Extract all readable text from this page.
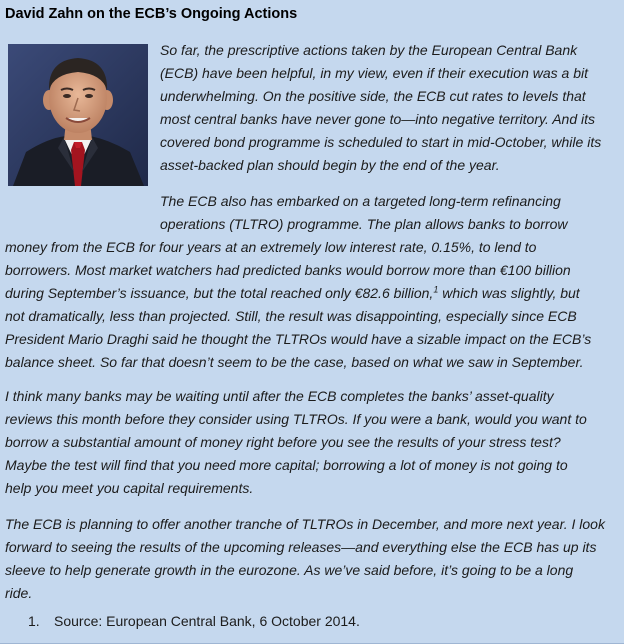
David Zahn on the ECB’s Ongoing Actions
So far, the prescriptive actions taken by the European Central Bank
(ECB) have been helpful, in my view, even if their execution was a bit
underwhelming. On the positive side, the ECB cut rates to levels that
most central banks have never gone to—into negative territory. And its
covered bond programme is scheduled to start in mid-October, while its
asset-backed plan should begin by the end of the year.
The ECB also has embarked on a targeted long-term refinancing
operations (TLTRO) programme. The plan allows banks to borrow
money from the ECB for four years at an extremely low interest rate, 0.15%, to lend to
borrowers. Most market watchers had predicted banks would borrow more than €100 billion
during September’s issuance, but the total reached only €82.6 billion,$^1$ which was slightly, but
not dramatically, less than projected. Still, the result was disappointing, especially since ECB
President Mario Draghi said he thought the TLTROs would have a sizable impact on the ECB’s
balance sheet. So far that doesn’t seem to be the case, based on what we saw in September.
I think many banks may be waiting until after the ECB completes the banks’ asset-quality
reviews this month before they consider using TLTROs. If you were a bank, would you want to
borrow a substantial amount of money right before you see the results of your stress test?
Maybe the test will find that you need more capital; borrowing a lot of money is not going to
help you meet you capital requirements.
The ECB is planning to offer another tranche of TLTROs in December, and more next year. I look
forward to seeing the results of the upcoming releases—and everything else the ECB has up its
sleeve to help generate growth in the eurozone. As we’ve said before, it’s going to be a long
ride.
1. Source: European Central Bank, 6 October 2014.
